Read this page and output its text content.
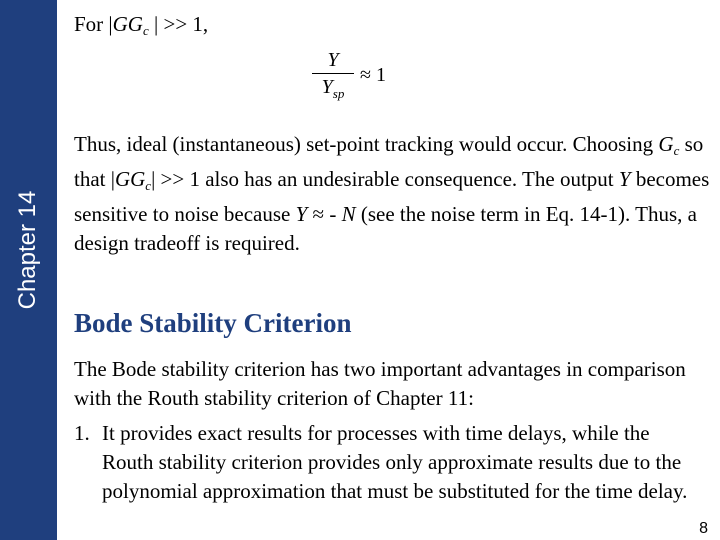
Chapter 14
For $|GG_c$ | >> 1,
Y
$Y_{sp}$
≈ 1
Thus, ideal (instantaneous) set-point tracking would occur. Choosing $G_c$ so that $|GG_c| >> 1$ also has an undesirable consequence. The output Y becomes sensitive to noise because Y ≈ - N (see the noise term in Eq. 14-1). Thus, a design tradeoff is required.
Bode Stability Criterion
The Bode stability criterion has two important advantages in comparison with the Routh stability criterion of Chapter 11:
1. It provides exact results for processes with time delays, while the Routh stability criterion provides only approximate results due to the polynomial approximation that must be substituted for the time delay.
8
